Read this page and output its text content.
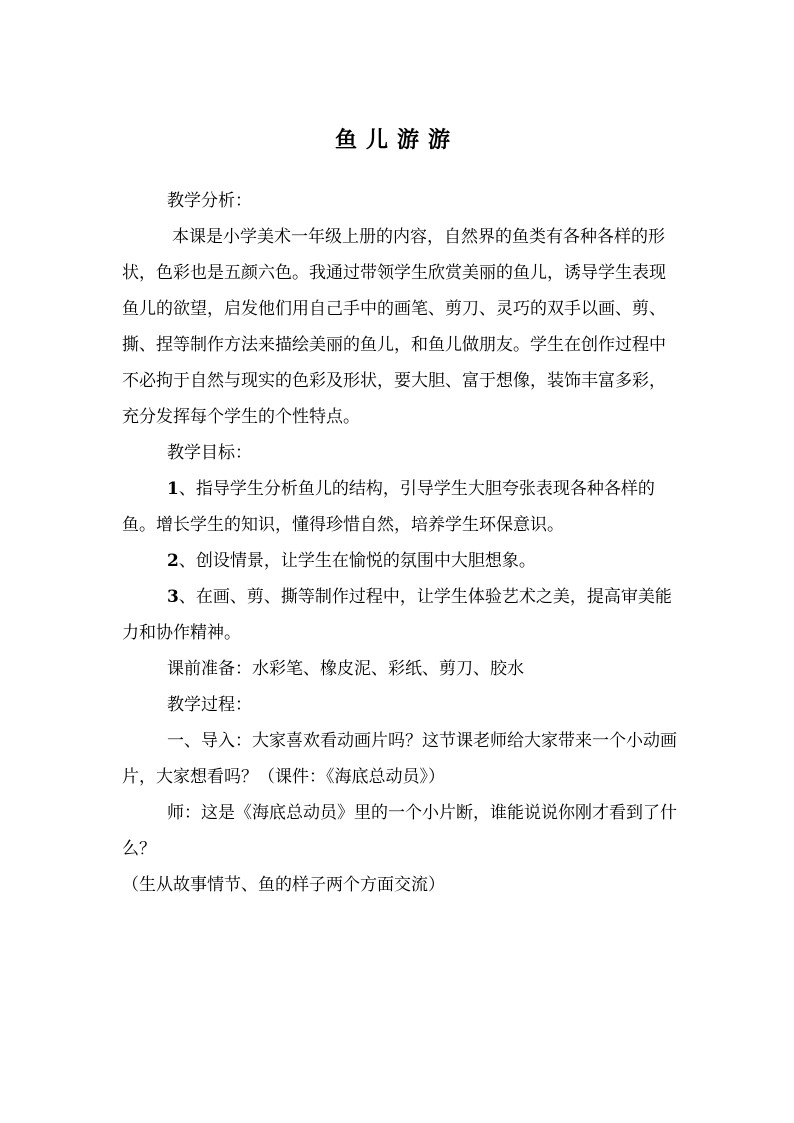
鱼儿游游

教学分析：

本课是小学美术一年级上册的内容，自然界的鱼类有各种各样的形状，色彩也是五颜六色。我通过带领学生欣赏美丽的鱼儿，诱导学生表现鱼儿的欲望，启发他们用自己手中的画笔、剪刀、灵巧的双手以画、剪、撕、捏等制作方法来描绘美丽的鱼儿，和鱼儿做朋友。学生在创作过程中不必拘于自然与现实的色彩及形状，要大胆、富于想像，装饰丰富多彩，充分发挥每个学生的个性特点。

教学目标：

1、指导学生分析鱼儿的结构，引导学生大胆夸张表现各种各样的鱼。增长学生的知识，懂得珍惜自然，培养学生环保意识。

2、创设情景，让学生在愉悦的氛围中大胆想象。

3、在画、剪、撕等制作过程中，让学生体验艺术之美，提高审美能力和协作精神。

课前准备：水彩笔、橡皮泥、彩纸、剪刀、胶水

教学过程：

一、导入：大家喜欢看动画片吗？这节课老师给大家带来一个小动画片，大家想看吗？（课件：《海底总动员》）

师：这是《海底总动员》里的一个小片断，谁能说说你刚才看到了什么？

（生从故事情节、鱼的样子两个方面交流）
